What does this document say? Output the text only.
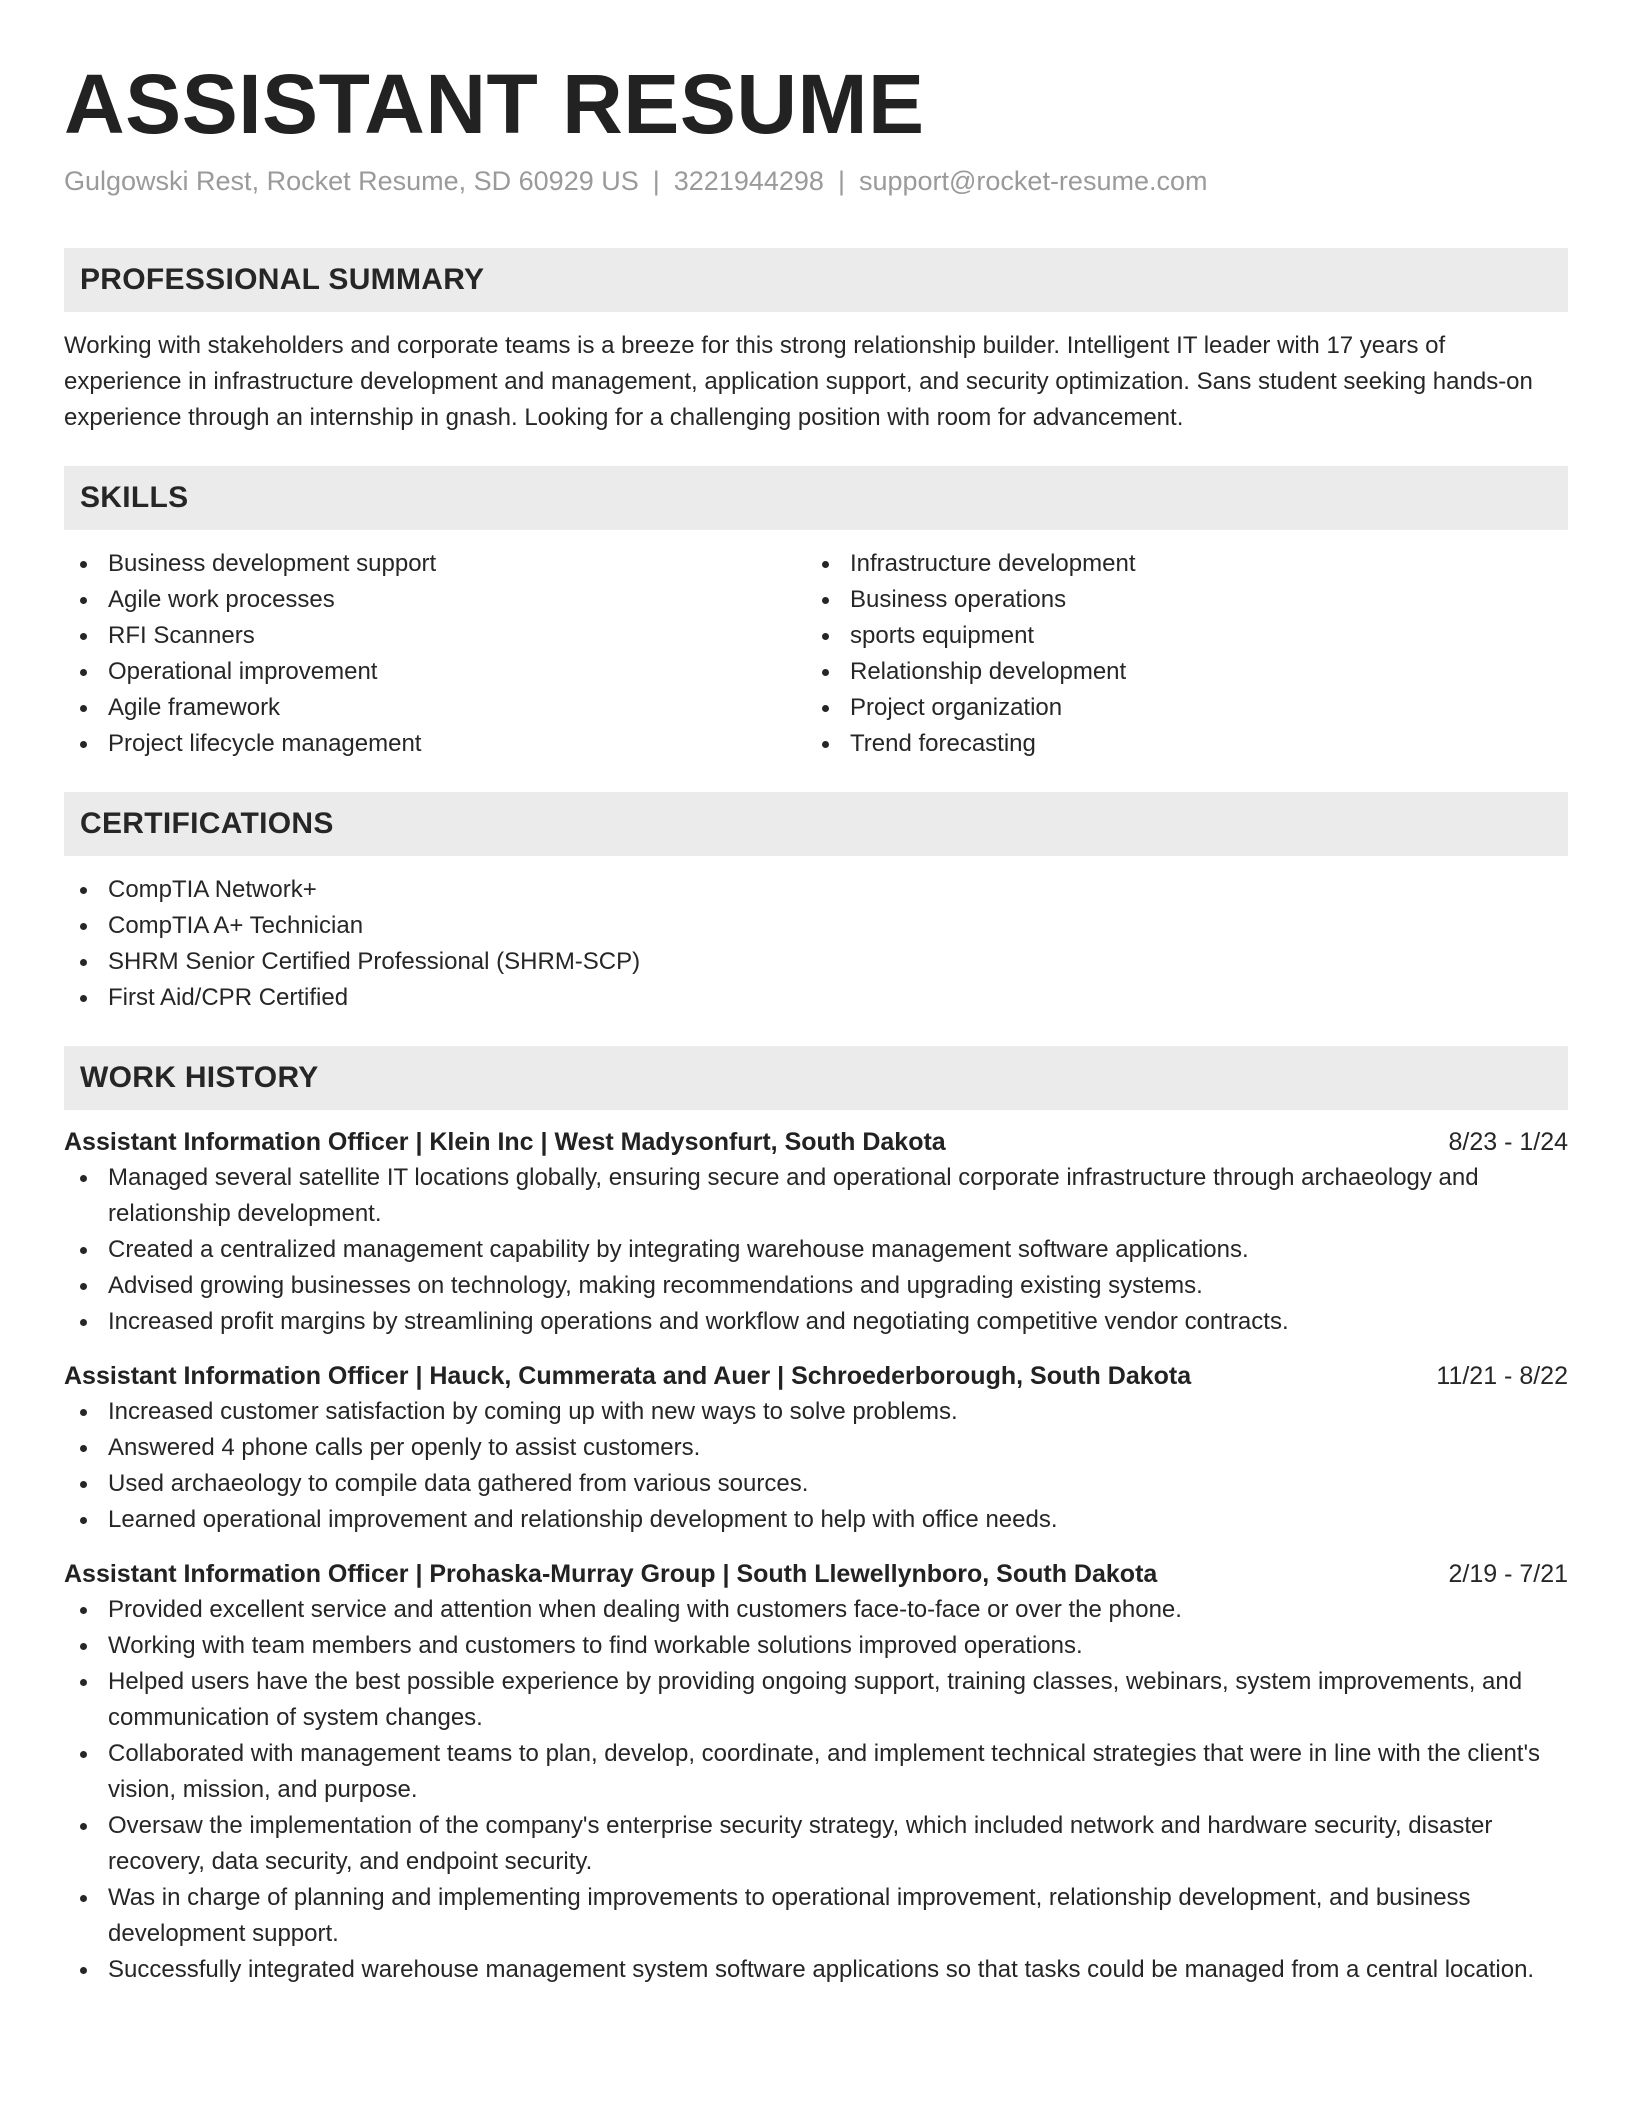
ASSISTANT RESUME
Gulgowski Rest, Rocket Resume, SD 60929 US | 3221944298 | support@rocket-resume.com
PROFESSIONAL SUMMARY
Working with stakeholders and corporate teams is a breeze for this strong relationship builder. Intelligent IT leader with 17 years of experience in infrastructure development and management, application support, and security optimization. Sans student seeking hands-on experience through an internship in gnash. Looking for a challenging position with room for advancement.
SKILLS
Business development support
Agile work processes
RFI Scanners
Operational improvement
Agile framework
Project lifecycle management
Infrastructure development
Business operations
sports equipment
Relationship development
Project organization
Trend forecasting
CERTIFICATIONS
CompTIA Network+
CompTIA A+ Technician
SHRM Senior Certified Professional (SHRM-SCP)
First Aid/CPR Certified
WORK HISTORY
Assistant Information Officer | Klein Inc | West Madysonfurt, South Dakota	8/23 - 1/24
Managed several satellite IT locations globally, ensuring secure and operational corporate infrastructure through archaeology and relationship development.
Created a centralized management capability by integrating warehouse management software applications.
Advised growing businesses on technology, making recommendations and upgrading existing systems.
Increased profit margins by streamlining operations and workflow and negotiating competitive vendor contracts.
Assistant Information Officer | Hauck, Cummerata and Auer | Schroederborough, South Dakota	11/21 - 8/22
Increased customer satisfaction by coming up with new ways to solve problems.
Answered 4 phone calls per openly to assist customers.
Used archaeology to compile data gathered from various sources.
Learned operational improvement and relationship development to help with office needs.
Assistant Information Officer | Prohaska-Murray Group | South Llewellynboro, South Dakota	2/19 - 7/21
Provided excellent service and attention when dealing with customers face-to-face or over the phone.
Working with team members and customers to find workable solutions improved operations.
Helped users have the best possible experience by providing ongoing support, training classes, webinars, system improvements, and communication of system changes.
Collaborated with management teams to plan, develop, coordinate, and implement technical strategies that were in line with the client's vision, mission, and purpose.
Oversaw the implementation of the company's enterprise security strategy, which included network and hardware security, disaster recovery, data security, and endpoint security.
Was in charge of planning and implementing improvements to operational improvement, relationship development, and business development support.
Successfully integrated warehouse management system software applications so that tasks could be managed from a central location.
